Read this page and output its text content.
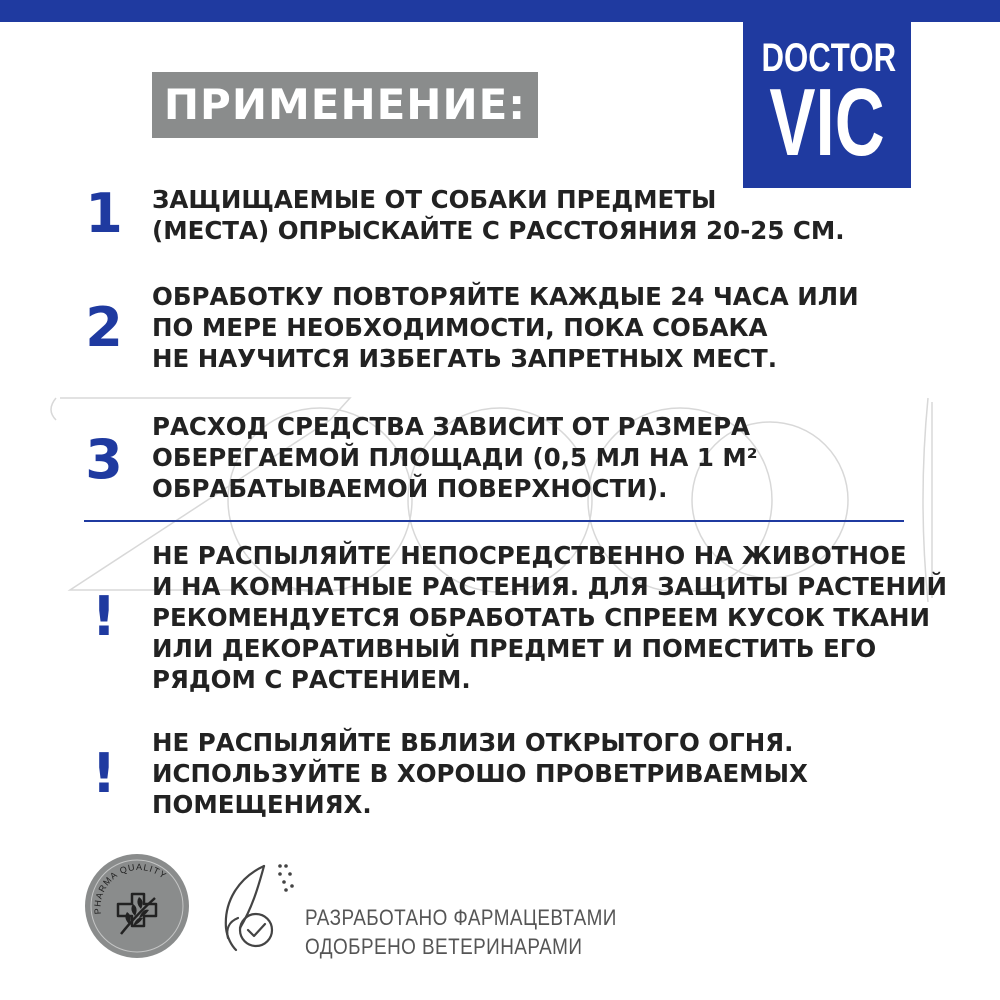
DOCTOR
VIC
ПРИМЕНЕНИЕ:
1	ЗАЩИЩАЕМЫЕ ОТ СОБАКИ ПРЕДМЕТЫ
(МЕСТА) ОПРЫСКАЙТЕ С РАССТОЯНИЯ 20-25 СМ.
2	ОБРАБОТКУ ПОВТОРЯЙТЕ КАЖДЫЕ 24 ЧАСА ИЛИ
ПО МЕРЕ НЕОБХОДИМОСТИ, ПОКА СОБАКА
НЕ НАУЧИТСЯ ИЗБЕГАТЬ ЗАПРЕТНЫХ МЕСТ.
3
РАСХОД СРЕДСТВА ЗАВИСИТ ОТ РАЗМЕРА
ОБЕРЕГАЕМОЙ ПЛОЩАДИ (0,5 МЛ НА 1 М²
ОБРАБАТЫВАЕМОЙ ПОВЕРХНОСТИ).
!
НЕ РАСПЫЛЯЙТЕ НЕПОСРЕДСТВЕННО НА ЖИВОТНОЕ
И НА КОМНАТНЫЕ РАСТЕНИЯ. ДЛЯ ЗАЩИТЫ РАСТЕНИЙ
РЕКОМЕНДУЕТСЯ ОБРАБОТАТЬ СПРЕЕМ КУСОК ТКАНИ
ИЛИ ДЕКОРАТИВНЫЙ ПРЕДМЕТ И ПОМЕСТИТЬ ЕГО
РЯДОМ С РАСТЕНИЕМ.
!	НЕ РАСПЫЛЯЙТЕ ВБЛИЗИ ОТКРЫТОГО ОГНЯ.
ИСПОЛЬЗУЙТЕ В ХОРОШО ПРОВЕТРИВАЕМЫХ
ПОМЕЩЕНИЯХ.
PHARMA QUALITY
РАЗРАБОТАНО ФАРМАЦЕВТАМИ
ОДОБРЕНО ВЕТЕРИНАРАМИ
